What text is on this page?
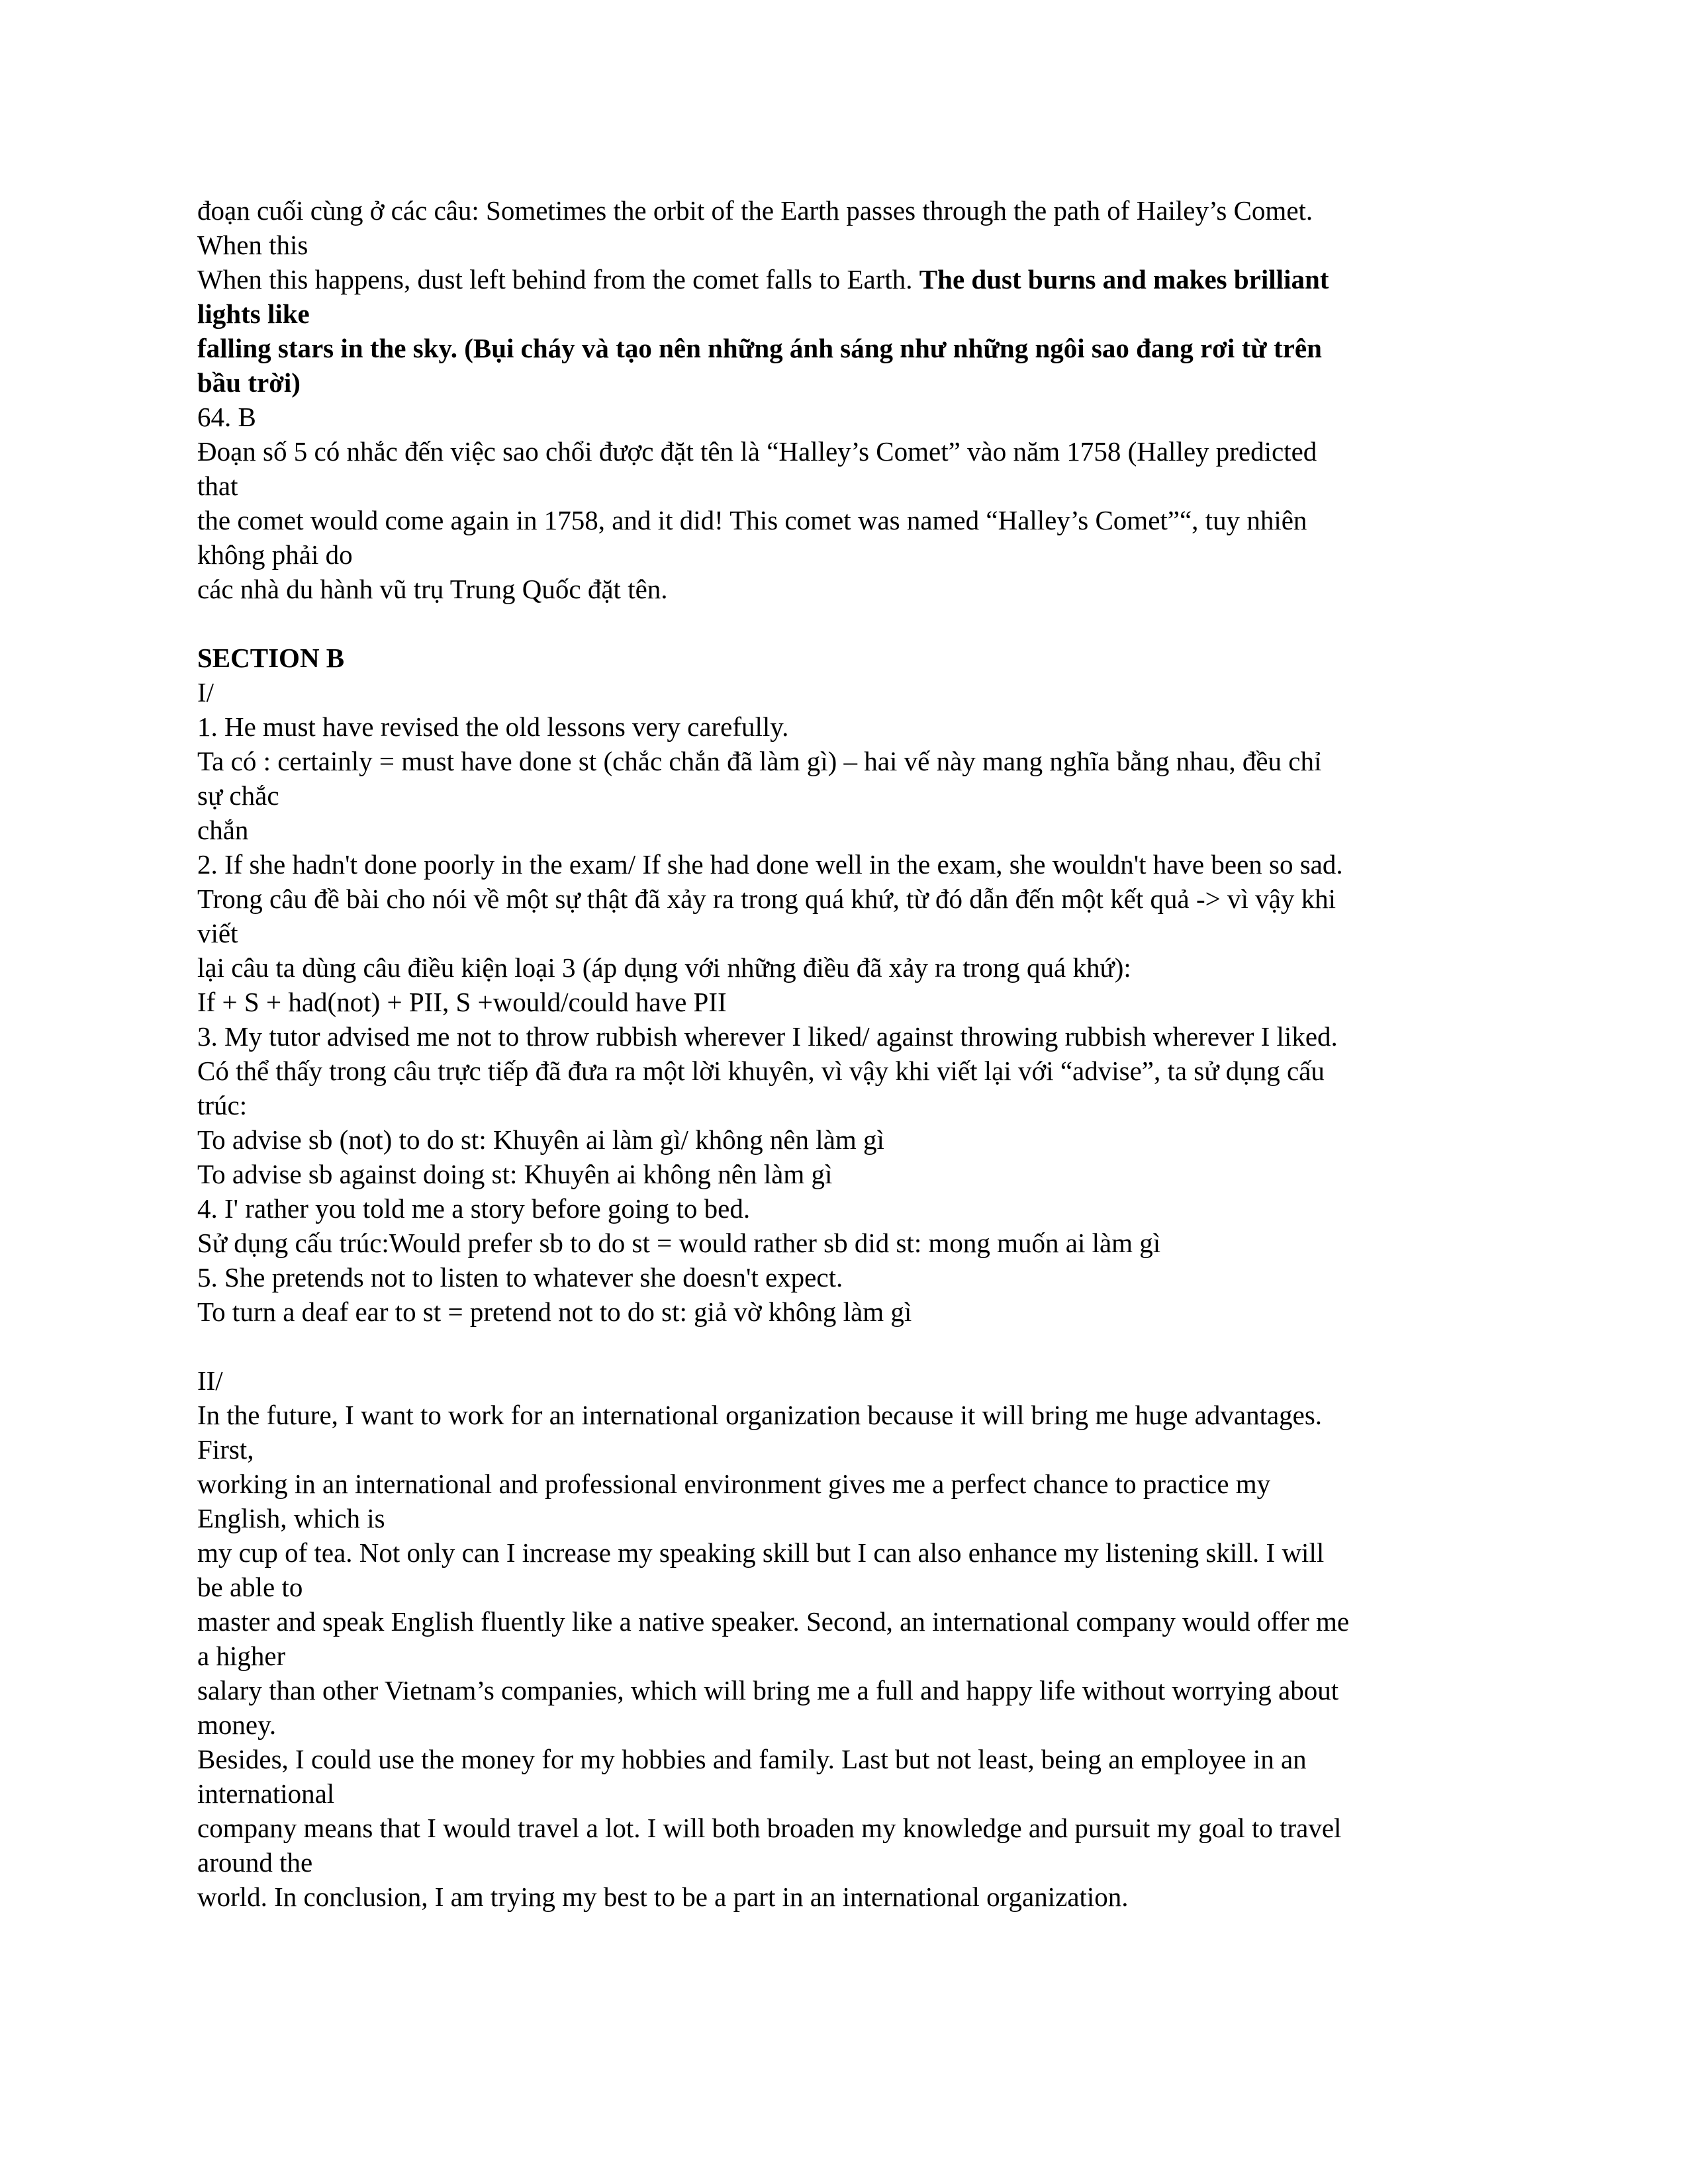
đoạn cuối cùng ở các câu: Sometimes the orbit of the Earth passes through the path of Hailey’s Comet.

When this

When this happens, dust left behind from the comet falls to Earth. The dust burns and makes brilliant

lights like

falling stars in the sky. (Bụi cháy và tạo nên những ánh sáng như những ngôi sao đang rơi từ trên

bầu trời)

64. B

Đoạn số 5 có nhắc đến việc sao chổi được đặt tên là “Halley’s Comet” vào năm 1758 (Halley predicted

that

the comet would come again in 1758, and it did! This comet was named “Halley’s Comet”“, tuy nhiên

không phải do

các nhà du hành vũ trụ Trung Quốc đặt tên.

SECTION B

I/

1. He must have revised the old lessons very carefully.

Ta có : certainly = must have done st (chắc chắn đã làm gì) – hai vế này mang nghĩa bằng nhau, đều chỉ

sự chắc

chắn

2. If she hadn't done poorly in the exam/ If she had done well in the exam, she wouldn't have been so sad.

Trong câu đề bài cho nói về một sự thật đã xảy ra trong quá khứ, từ đó dẫn đến một kết quả -> vì vậy khi

viết

lại câu ta dùng câu điều kiện loại 3 (áp dụng với những điều đã xảy ra trong quá khứ):

If + S + had(not) + PII, S +would/could have PII

3. My tutor advised me not to throw rubbish wherever I liked/ against throwing rubbish wherever I liked.

Có thể thấy trong câu trực tiếp đã đưa ra một lời khuyên, vì vậy khi viết lại với “advise”, ta sử dụng cấu

trúc:

To advise sb (not) to do st: Khuyên ai làm gì/ không nên làm gì

To advise sb against doing st: Khuyên ai không nên làm gì

4. I' rather you told me a story before going to bed.

Sử dụng cấu trúc:Would prefer sb to do st = would rather sb did st: mong muốn ai làm gì

5. She pretends not to listen to whatever she doesn't expect.

To turn a deaf ear to st = pretend not to do st: giả vờ không làm gì

II/

In the future, I want to work for an international organization because it will bring me huge advantages.

First,

working in an international and professional environment gives me a perfect chance to practice my

English, which is

my cup of tea. Not only can I increase my speaking skill but I can also enhance my listening skill. I will

be able to

master and speak English fluently like a native speaker. Second, an international company would offer me

a higher

salary than other Vietnam’s companies, which will bring me a full and happy life without worrying about

money.

Besides, I could use the money for my hobbies and family. Last but not least, being an employee in an

international

company means that I would travel a lot. I will both broaden my knowledge and pursuit my goal to travel

around the

world. In conclusion, I am trying my best to be a part in an international organization.
